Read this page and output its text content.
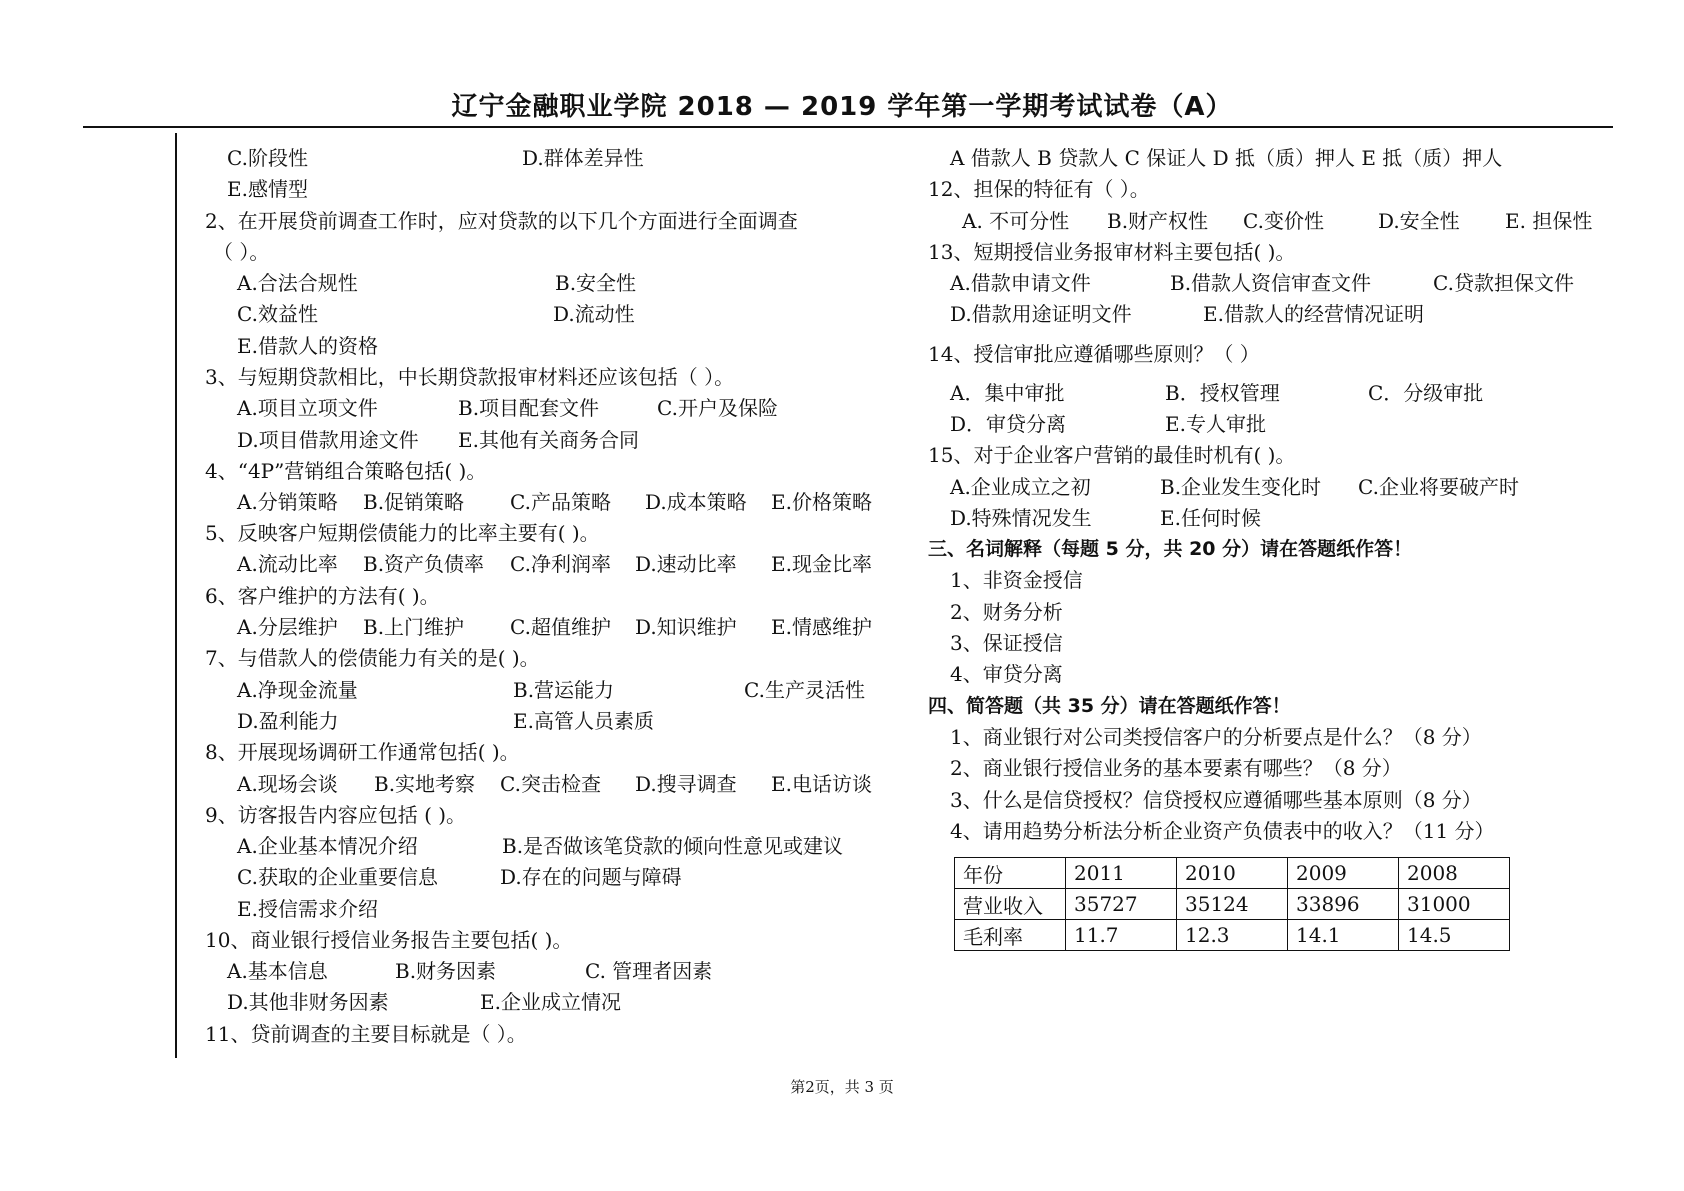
辽宁金融职业学院 2018 — 2019 学年第一学期考试试卷（A）
C.阶段性	D.群体差异性
E.感情型
2、在开展贷前调查工作时，应对贷款的以下几个方面进行全面调查
（ ）。
A.合法合规性	B.安全性
C.效益性	D.流动性
E.借款人的资格
3、与短期贷款相比，中长期贷款报审材料还应该包括（ ）。
A.项目立项文件	B.项目配套文件	C.开户及保险
D.项目借款用途文件 E.其他有关商务合同
4、“4P”营销组合策略包括( )。
A.分销策略 B.促销策略 C.产品策略 D.成本策略 E.价格策略
5、反映客户短期偿债能力的比率主要有( )。
A.流动比率 B.资产负债率 C.净利润率 D.速动比率 E.现金比率
6、客户维护的方法有( )。
A.分层维护 B.上门维护 C.超值维护 D.知识维护 E.情感维护
7、与借款人的偿债能力有关的是( )。
A.净现金流量	B.营运能力	C.生产灵活性
D.盈利能力	E.高管人员素质
8、开展现场调研工作通常包括( )。
A.现场会谈 B.实地考察 C.突击检查 D.搜寻调查 E.电话访谈
9、访客报告内容应包括 ( )。
A.企业基本情况介绍	B.是否做该笔贷款的倾向性意见或建议
C.获取的企业重要信息	D.存在的问题与障碍
E.授信需求介绍
10、商业银行授信业务报告主要包括( )。
A.基本信息	B.财务因素	C. 管理者因素
D.其他非财务因素	E.企业成立情况
11、贷前调查的主要目标就是（ ）。
A 借款人 B 贷款人 C 保证人 D 抵（质）押人 E 抵（质）押人
12、担保的特征有（ ）。
A. 不可分性 B.财产权性 C.变价性	D.安全性 E. 担保性
13、短期授信业务报审材料主要包括( )。
A.借款申请文件	B.借款人资信审查文件	C.贷款担保文件
D.借款用途证明文件	E.借款人的经营情况证明
14、授信审批应遵循哪些原则？（ ）
A．集中审批	B．授权管理	C．分级审批
D．审贷分离	E.专人审批
15、对于企业客户营销的最佳时机有( )。
A.企业成立之初	B.企业发生变化时 C.企业将要破产时
D.特殊情况发生	E.任何时候
三、名词解释（每题 5 分，共 20 分）请在答题纸作答！
1、非资金授信
2、财务分析
3、保证授信
4、审贷分离
四、简答题（共 35 分）请在答题纸作答！
1、商业银行对公司类授信客户的分析要点是什么？（8 分）
2、商业银行授信业务的基本要素有哪些？（8 分）
3、什么是信贷授权？信贷授权应遵循哪些基本原则（8 分）
4、请用趋势分析法分析企业资产负债表中的收入？（11 分）
年份	2011	2010	2009	2008
营业收入	35727	35124	33896	31000
毛利率	11.7	12.3	14.1	14.5
第2页，共 3 页
